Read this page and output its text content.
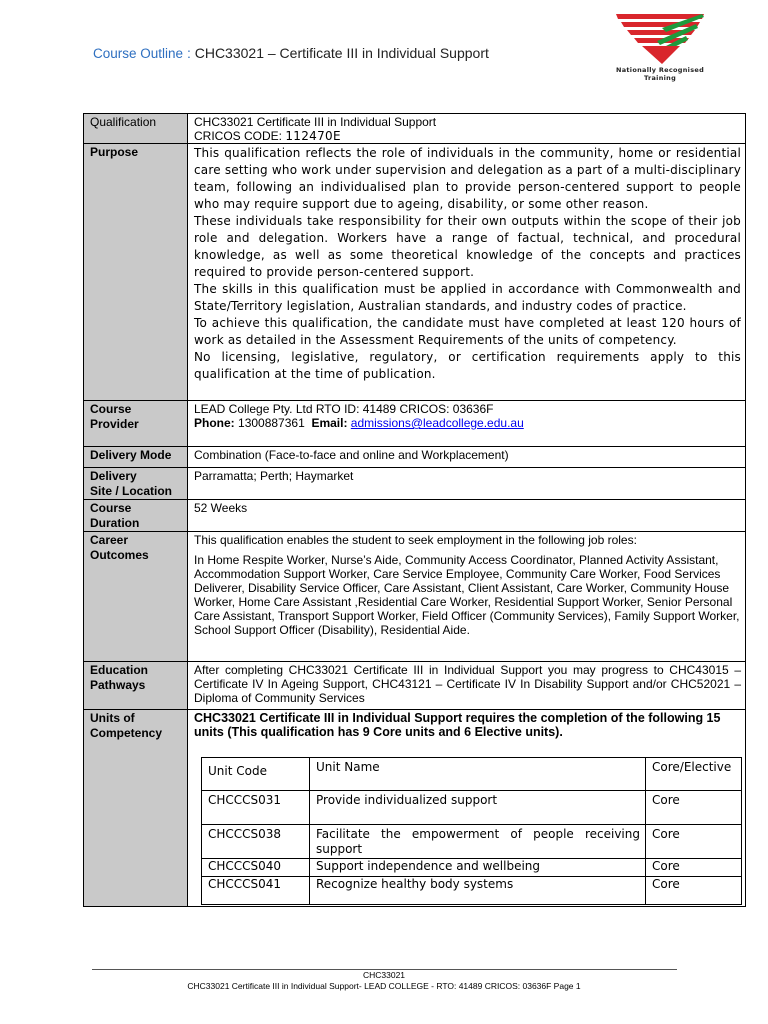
Course Outline : CHC33021 – Certificate III in Individual Support
Nationally Recognised
Training
Qualification	CHC33021 Certificate III in Individual Support
CRICOS CODE: 112470E

Purpose	This qualification reflects the role of individuals in the community, home or residential care setting who work under supervision and delegation as a part of a multi-disciplinary team, following an individualised plan to provide person-centered support to people who may require support due to ageing, disability, or some other reason.

These individuals take responsibility for their own outputs within the scope of their job role and delegation. Workers have a range of factual, technical, and procedural knowledge, as well as some theoretical knowledge of the concepts and practices required to provide person-centered support.

The skills in this qualification must be applied in accordance with Commonwealth and State/Territory legislation, Australian standards, and industry codes of practice.

To achieve this qualification, the candidate must have completed at least 120 hours of work as detailed in the Assessment Requirements of the units of competency.

No licensing, legislative, regulatory, or certification requirements apply to this qualification at the time of publication.

Course
Provider

LEAD College Pty. Ltd RTO ID: 41489 CRICOS: 03636F
Phone: 1300887361 Email: admissions@leadcollege.edu.au

Delivery Mode	Combination (Face-to-face and online and Workplacement)

Delivery
Site / Location
	Parramatta; Perth; Haymarket

Course
Duration
	52 Weeks

Career
Outcomes

This qualification enables the student to seek employment in the following job roles:
In Home Respite Worker, Nurse’s Aide, Community Access Coordinator, Planned Activity Assistant, Accommodation Support Worker, Care Service Employee, Community Care Worker, Food Services Deliverer, Disability Service Officer, Care Assistant, Client Assistant, Care Worker, Community House Worker, Home Care Assistant ,Residential Care Worker, Residential Support Worker, Senior Personal Care Assistant, Transport Support Worker, Field Officer (Community Services), Family Support Worker, School Support Officer (Disability), Residential Aide.

Education
Pathways
	After completing CHC33021 Certificate III in Individual Support you may progress to CHC43015 – Certificate IV In Ageing Support, CHC43121 – Certificate IV In Disability Support and/or CHC52021 – Diploma of Community Services

Units of
Competency

CHC33021 Certificate III in Individual Support requires the completion of the following 15 units (This qualification has 9 Core units and 6 Elective units).
Unit Code	Unit Name	Core/Elective
CHCCCS031	Provide individualized support	Core
CHCCCS038	Facilitate the empowerment of people receiving support	Core
CHCCCS040	Support independence and wellbeing	Core
CHCCCS041	Recognize healthy body systems	Core
CHC33021
CHC33021 Certificate III in Individual Support- LEAD COLLEGE - RTO: 41489 CRICOS: 03636F Page 1
